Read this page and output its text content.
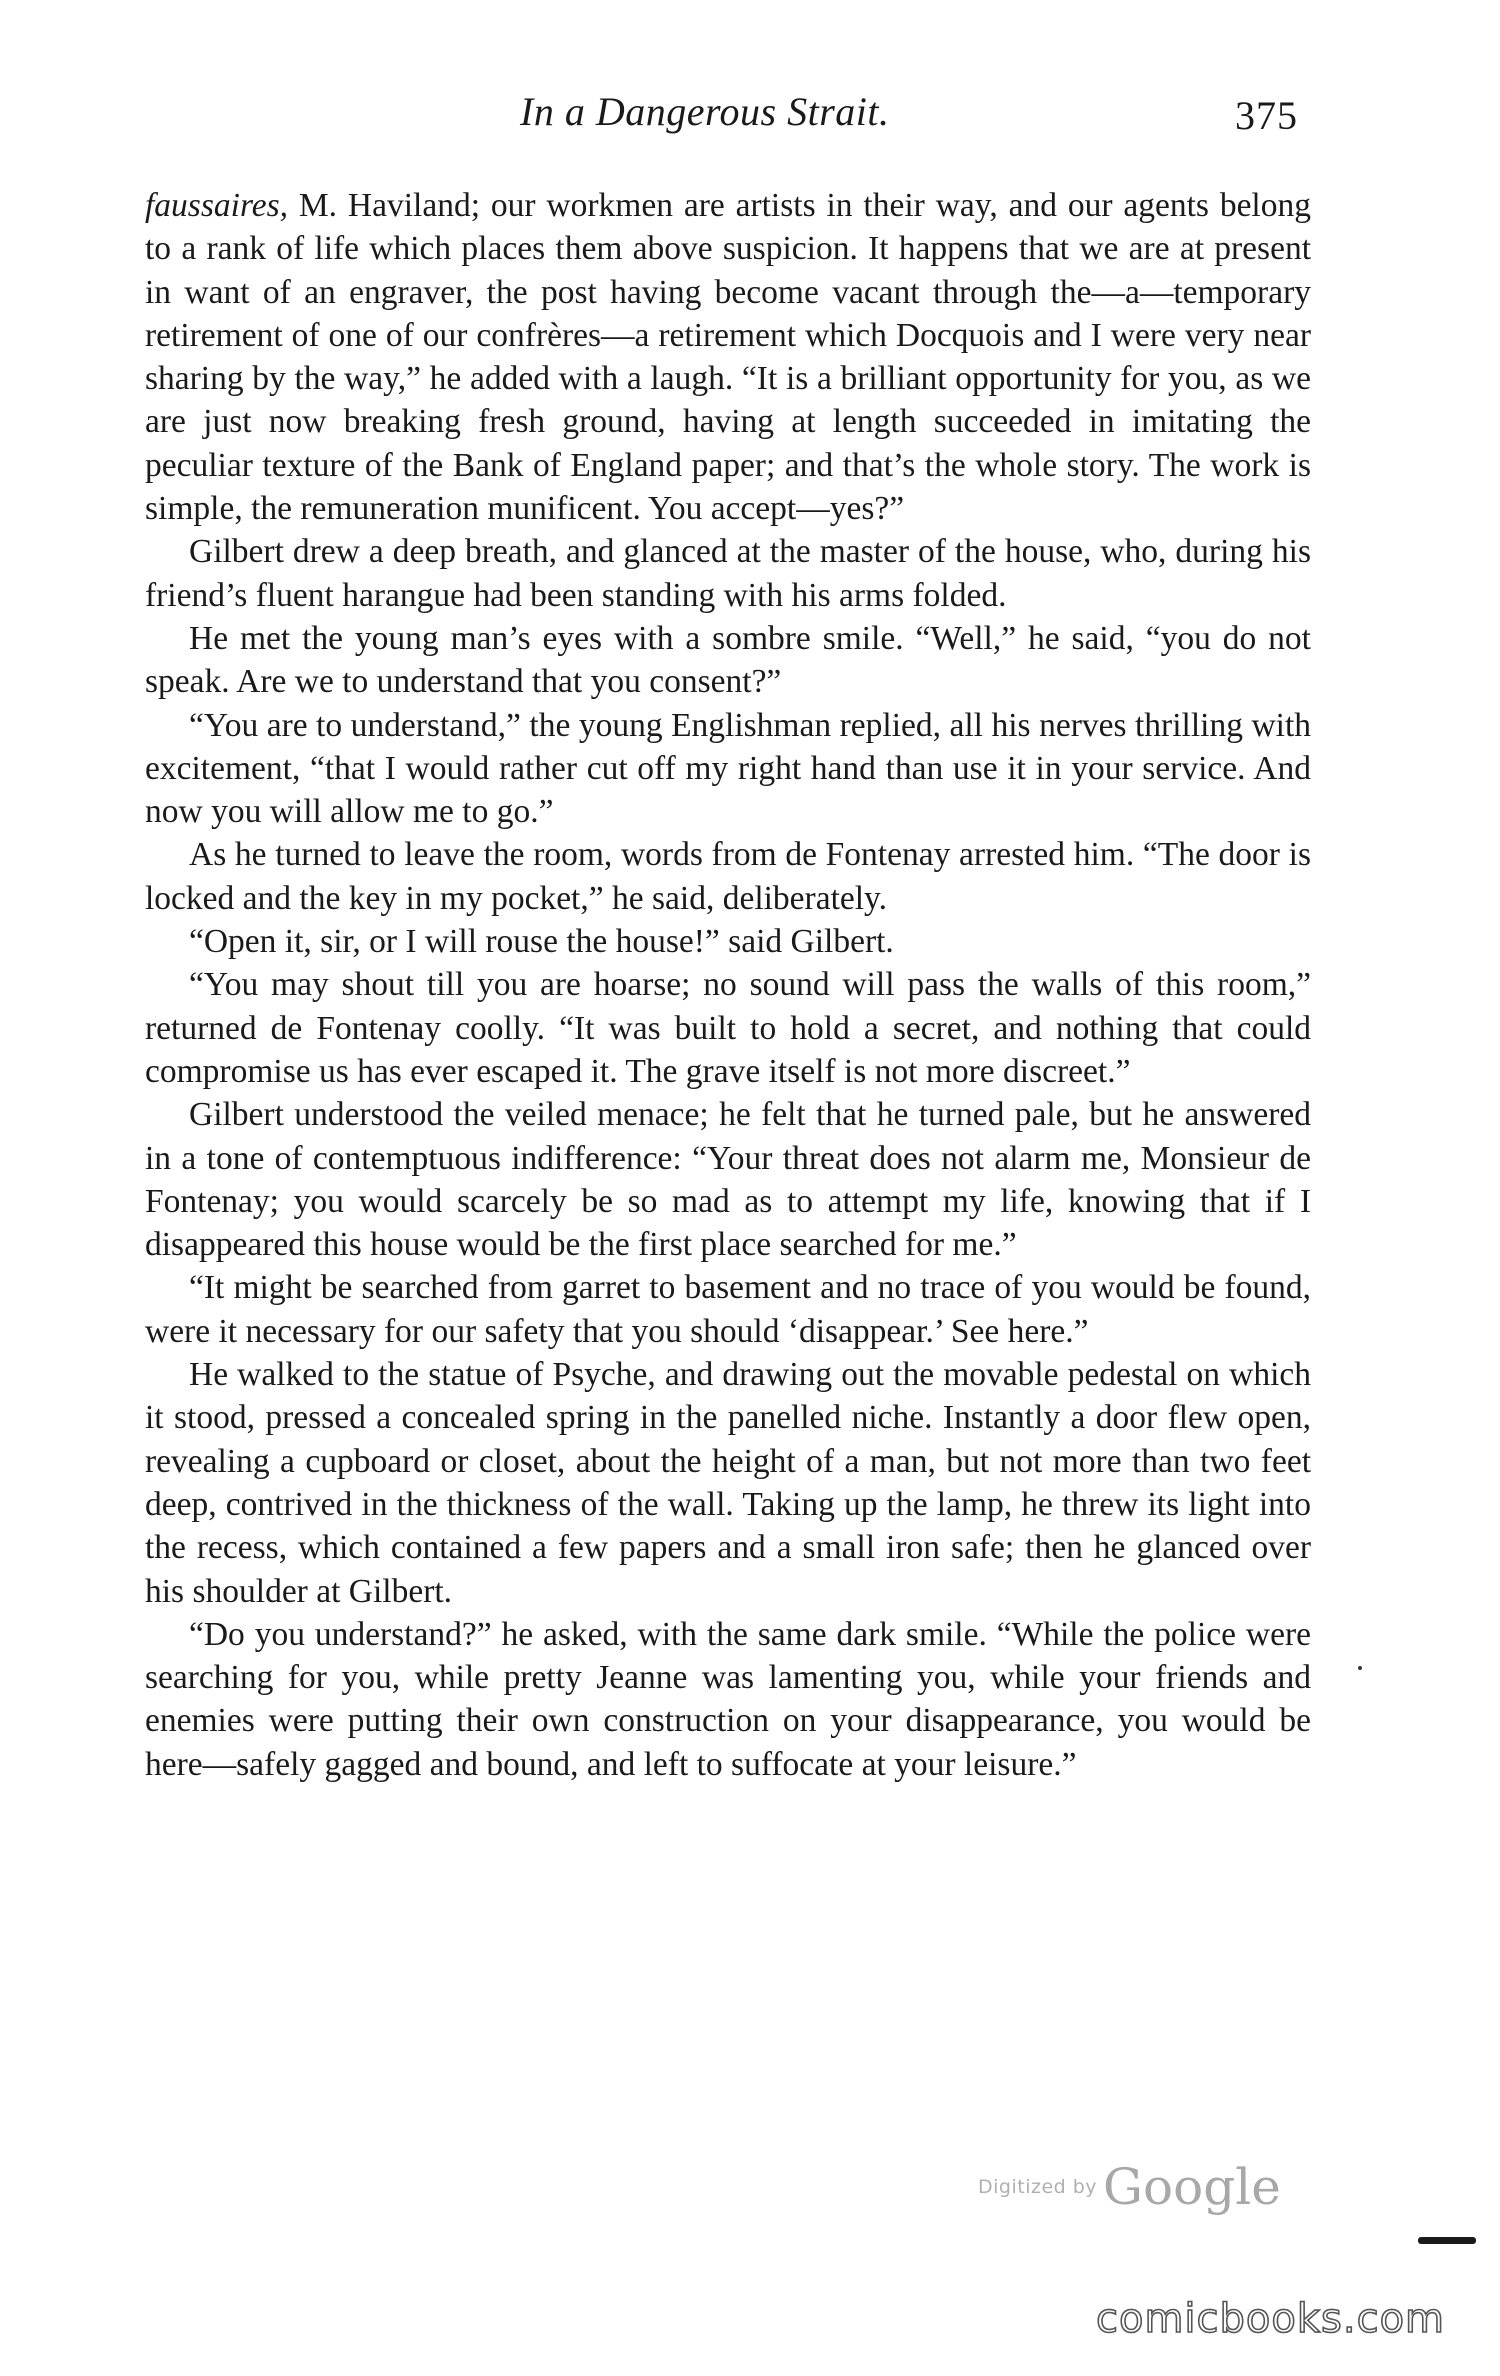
In a Dangerous Strait.	375

faussaires, M. Haviland; our workmen are artists in their way, and our agents belong to a rank of life which places them above suspicion. It happens that we are at present in want of an engraver, the post having become vacant through the—a—temporary retirement of one of our confrères—a retirement which Docquois and I were very near sharing by the way,” he added with a laugh. “It is a brilliant opportunity for you, as we are just now breaking fresh ground, having at length succeeded in imitating the peculiar texture of the Bank of England paper; and that’s the whole story. The work is simple, the remuneration munificent. You accept—yes?”

Gilbert drew a deep breath, and glanced at the master of the house, who, during his friend’s fluent harangue had been standing with his arms folded.

He met the young man’s eyes with a sombre smile. “Well,” he said, “you do not speak. Are we to understand that you consent?”

“You are to understand,” the young Englishman replied, all his nerves thrilling with excitement, “that I would rather cut off my right hand than use it in your service. And now you will allow me to go.”

As he turned to leave the room, words from de Fontenay arrested him. “The door is locked and the key in my pocket,” he said, deliberately.

“Open it, sir, or I will rouse the house!” said Gilbert.

“You may shout till you are hoarse; no sound will pass the walls of this room,” returned de Fontenay coolly. “It was built to hold a secret, and nothing that could compromise us has ever escaped it. The grave itself is not more discreet.”

Gilbert understood the veiled menace; he felt that he turned pale, but he answered in a tone of contemptuous indifference: “Your threat does not alarm me, Monsieur de Fontenay; you would scarcely be so mad as to attempt my life, knowing that if I disappeared this house would be the first place searched for me.”

“It might be searched from garret to basement and no trace of you would be found, were it necessary for our safety that you should ‘disappear.’ See here.”

He walked to the statue of Psyche, and drawing out the movable pedestal on which it stood, pressed a concealed spring in the panelled niche. Instantly a door flew open, revealing a cupboard or closet, about the height of a man, but not more than two feet deep, contrived in the thickness of the wall. Taking up the lamp, he threw its light into the recess, which contained a few papers and a small iron safe; then he glanced over his shoulder at Gilbert.

“Do you understand?” he asked, with the same dark smile. “While the police were searching for you, while pretty Jeanne was lamenting you, while your friends and enemies were putting their own construction on your disappearance, you would be here—safely gagged and bound, and left to suffocate at your leisure.”

Digitized by Google
comicbooks.com
